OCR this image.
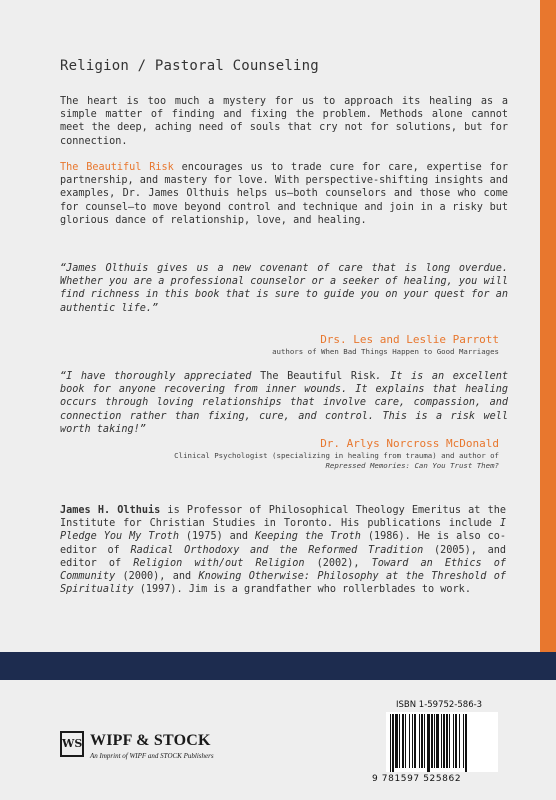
Religion / Pastoral Counseling
The heart is too much a mystery for us to approach its healing as a simple matter of finding and fixing the problem. Methods alone cannot meet the deep, aching need of souls that cry not for solutions, but for connection.
The Beautiful Risk encourages us to trade cure for care, expertise for partnership, and mastery for love. With perspective-shifting insights and examples, Dr. James Olthuis helps us—both counselors and those who come for counsel—to move beyond control and technique and join in a risky but glorious dance of relationship, love, and healing.
“James Olthuis gives us a new covenant of care that is long overdue. Whether you are a professional counselor or a seeker of healing, you will find richness in this book that is sure to guide you on your quest for an authentic life.”
Drs. Les and Leslie Parrott
authors of When Bad Things Happen to Good Marriages
“I have thoroughly appreciated The Beautiful Risk. It is an excellent book for anyone recovering from inner wounds. It explains that healing occurs through loving relationships that involve care, compassion, and connection rather than fixing, cure, and control. This is a risk well worth taking!”
Dr. Arlys Norcross McDonald
Clinical Psychologist (specializing in healing from trauma) and author of
Repressed Memories: Can You Trust Them?
James H. Olthuis is Professor of Philosophical Theology Emeritus at the Institute for Christian Studies in Toronto. His publications include I Pledge You My Troth (1975) and Keeping the Troth (1986). He is also co-editor of Radical Orthodoxy and the Reformed Tradition (2005), and editor of Religion with/out Religion (2002), Toward an Ethics of Community (2000), and Knowing Otherwise: Philosophy at the Threshold of Spirituality (1997). Jim is a grandfather who rollerblades to work.
WS WIPF & STOCK
An Imprint of WIPF and STOCK Publishers
ISBN 1-59752-586-3
9 781597 525862
